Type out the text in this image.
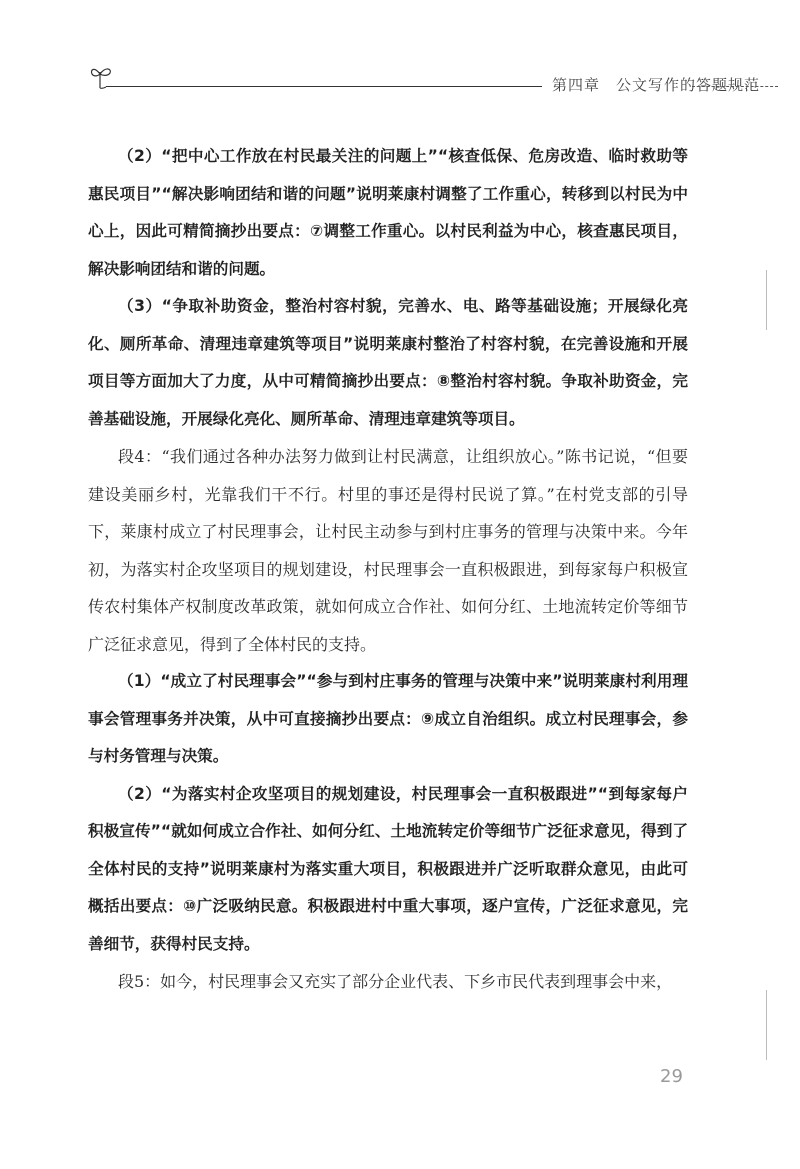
第四章　公文写作的答题规范

（2）“把中心工作放在村民最关注的问题上”“核查低保、危房改造、临时救助等惠民项目”“解决影响团结和谐的问题”说明莱康村调整了工作重心，转移到以村民为中心上，因此可精简摘抄出要点：⑦调整工作重心。以村民利益为中心，核查惠民项目，解决影响团结和谐的问题。

（3）“争取补助资金，整治村容村貌，完善水、电、路等基础设施；开展绿化亮化、厕所革命、清理违章建筑等项目”说明莱康村整治了村容村貌，在完善设施和开展项目等方面加大了力度，从中可精简摘抄出要点：⑧整治村容村貌。争取补助资金，完善基础设施，开展绿化亮化、厕所革命、清理违章建筑等项目。

段4：“我们通过各种办法努力做到让村民满意，让组织放心。”陈书记说，“但要建设美丽乡村，光靠我们干不行。村里的事还是得村民说了算。”在村党支部的引导下，莱康村成立了村民理事会，让村民主动参与到村庄事务的管理与决策中来。今年初，为落实村企攻坚项目的规划建设，村民理事会一直积极跟进，到每家每户积极宣传农村集体产权制度改革政策，就如何成立合作社、如何分红、土地流转定价等细节广泛征求意见，得到了全体村民的支持。

（1）“成立了村民理事会”“参与到村庄事务的管理与决策中来”说明莱康村利用理事会管理事务并决策，从中可直接摘抄出要点：⑨成立自治组织。成立村民理事会，参与村务管理与决策。

（2）“为落实村企攻坚项目的规划建设，村民理事会一直积极跟进”“到每家每户积极宣传”“就如何成立合作社、如何分红、土地流转定价等细节广泛征求意见，得到了全体村民的支持”说明莱康村为落实重大项目，积极跟进并广泛听取群众意见，由此可概括出要点：⑩广泛吸纳民意。积极跟进村中重大事项，逐户宣传，广泛征求意见，完善细节，获得村民支持。

段5：如今，村民理事会又充实了部分企业代表、下乡市民代表到理事会中来，

29
